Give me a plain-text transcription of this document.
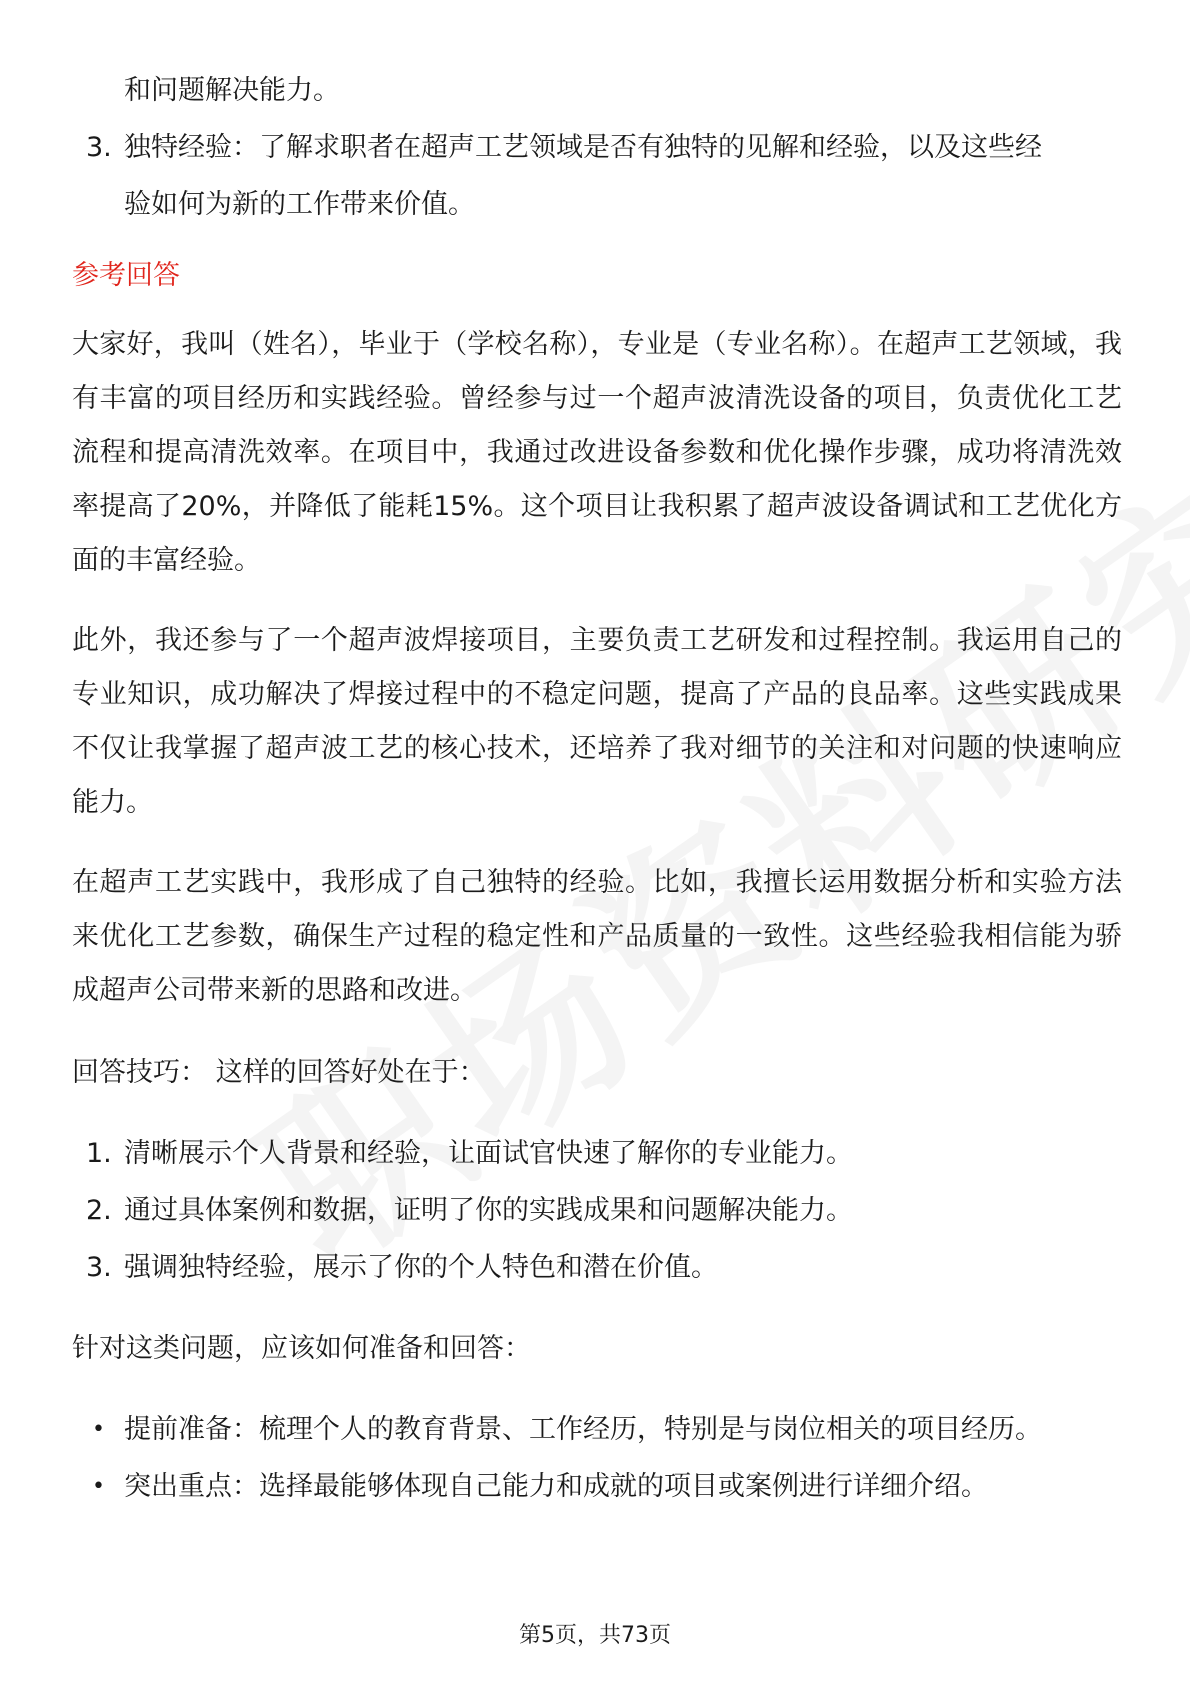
和问题解决能力。
3. 独特经验：了解求职者在超声工艺领域是否有独特的见解和经验，以及这些经
验如何为新的工作带来价值。
参考回答

大家好，我叫（姓名），毕业于（学校名称），专业是（专业名称）。在超声工艺领域，我有丰富的项目经历和实践经验。曾经参与过一个超声波清洗设备的项目，负责优化工艺流程和提高清洗效率。在项目中，我通过改进设备参数和优化操作步骤，成功将清洗效率提高了20%，并降低了能耗15%。这个项目让我积累了超声波设备调试和工艺优化方面的丰富经验。

此外，我还参与了一个超声波焊接项目，主要负责工艺研发和过程控制。我运用自己的专业知识，成功解决了焊接过程中的不稳定问题，提高了产品的良品率。这些实践成果不仅让我掌握了超声波工艺的核心技术，还培养了我对细节的关注和对问题的快速响应能力。

在超声工艺实践中，我形成了自己独特的经验。比如，我擅长运用数据分析和实验方法来优化工艺参数，确保生产过程的稳定性和产品质量的一致性。这些经验我相信能为骄成超声公司带来新的思路和改进。

回答技巧： 这样的回答好处在于：

1. 清晰展示个人背景和经验，让面试官快速了解你的专业能力。
2. 通过具体案例和数据，证明了你的实践成果和问题解决能力。
3. 强调独特经验，展示了你的个人特色和潜在价值。

针对这类问题，应该如何准备和回答：

• 提前准备：梳理个人的教育背景、工作经历，特别是与岗位相关的项目经历。
• 突出重点：选择最能够体现自己能力和成就的项目或案例进行详细介绍。
第5页，共73页
